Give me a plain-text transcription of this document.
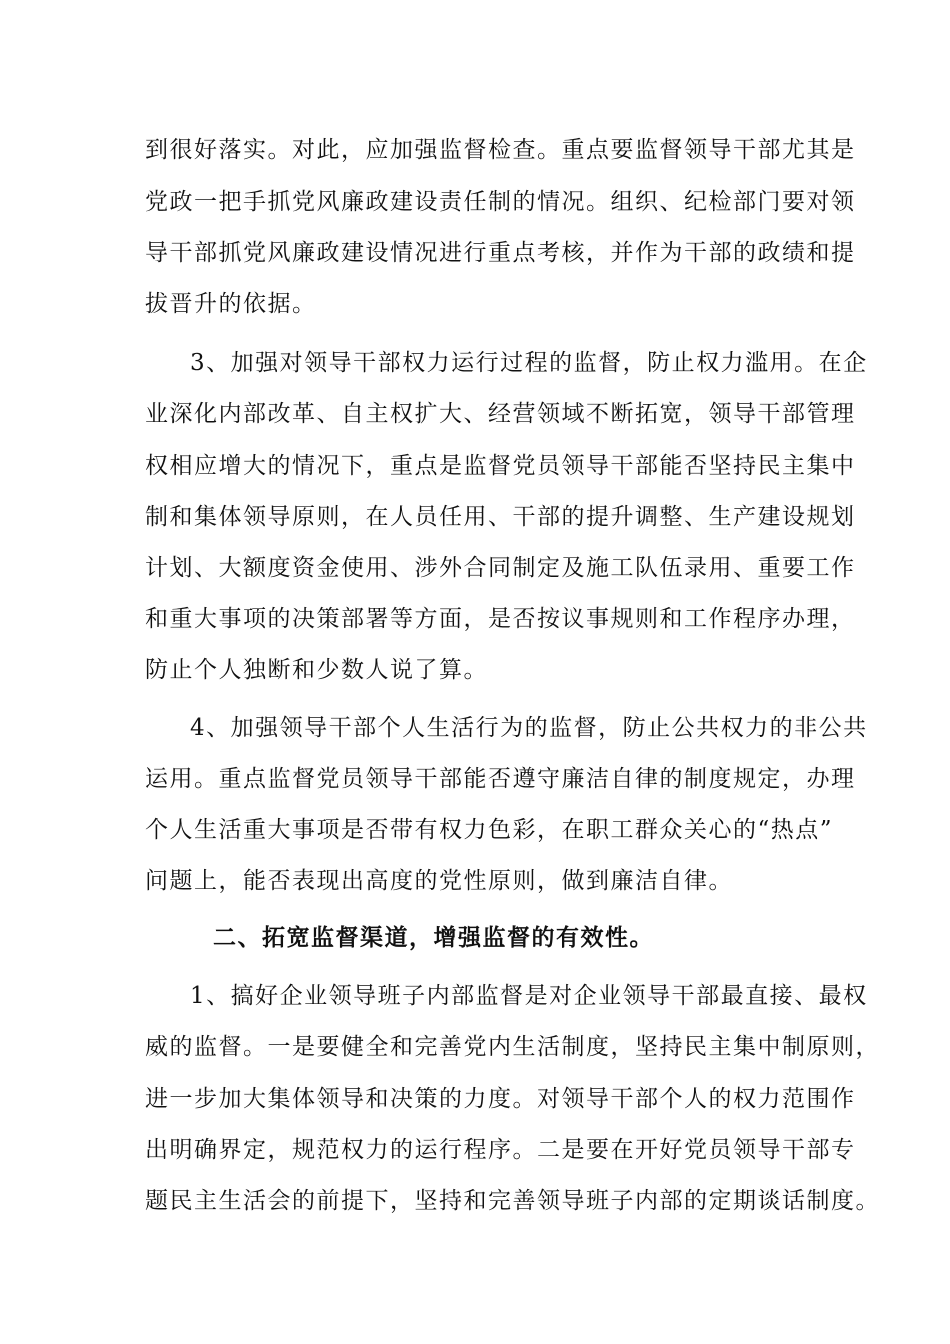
到很好落实。对此，应加强监督检查。重点要监督领导干部尤其是
党政一把手抓党风廉政建设责任制的情况。组织、纪检部门要对领
导干部抓党风廉政建设情况进行重点考核，并作为干部的政绩和提
拔晋升的依据。
3、加强对领导干部权力运行过程的监督，防止权力滥用。在企
业深化内部改革、自主权扩大、经营领域不断拓宽，领导干部管理
权相应增大的情况下，重点是监督党员领导干部能否坚持民主集中
制和集体领导原则，在人员任用、干部的提升调整、生产建设规划
计划、大额度资金使用、涉外合同制定及施工队伍录用、重要工作
和重大事项的决策部署等方面，是否按议事规则和工作程序办理，
防止个人独断和少数人说了算。
4、加强领导干部个人生活行为的监督，防止公共权力的非公共
运用。重点监督党员领导干部能否遵守廉洁自律的制度规定，办理
个人生活重大事项是否带有权力色彩，在职工群众关心的“热点”
问题上，能否表现出高度的党性原则，做到廉洁自律。
二、拓宽监督渠道，增强监督的有效性。
1、搞好企业领导班子内部监督是对企业领导干部最直接、最权
威的监督。一是要健全和完善党内生活制度，坚持民主集中制原则，
进一步加大集体领导和决策的力度。对领导干部个人的权力范围作
出明确界定，规范权力的运行程序。二是要在开好党员领导干部专
题民主生活会的前提下，坚持和完善领导班子内部的定期谈话制度。
